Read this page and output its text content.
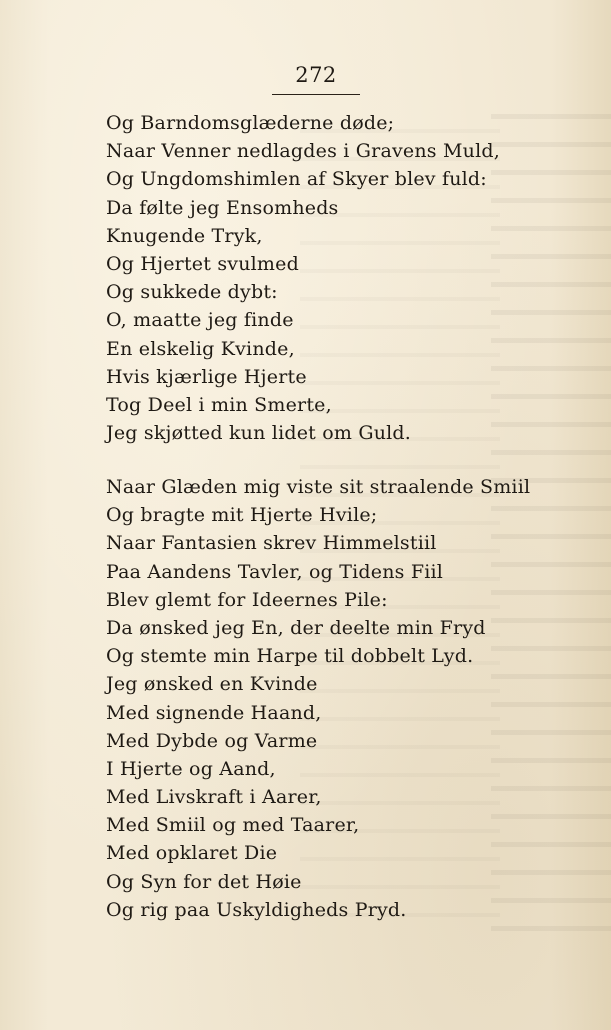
272
Og Barndomsglæderne døde;
Naar Venner nedlagdes i Gravens Muld,
Og Ungdomshimlen af Skyer blev fuld:
Da følte jeg Ensomheds
Knugende Tryk,
Og Hjertet svulmed
Og sukkede dybt:
O, maatte jeg finde
En elskelig Kvinde,
Hvis kjærlige Hjerte
Tog Deel i min Smerte,
Jeg skjøtted kun lidet om Guld.
Naar Glæden mig viste sit straalende Smiil
Og bragte mit Hjerte Hvile;
Naar Fantasien skrev Himmelstiil
Paa Aandens Tavler, og Tidens Fiil
Blev glemt for Ideernes Pile:
Da ønsked jeg En, der deelte min Fryd
Og stemte min Harpe til dobbelt Lyd.
Jeg ønsked en Kvinde
Med signende Haand,
Med Dybde og Varme
I Hjerte og Aand,
Med Livskraft i Aarer,
Med Smiil og med Taarer,
Med opklaret Die
Og Syn for det Høie
Og rig paa Uskyldigheds Pryd.
